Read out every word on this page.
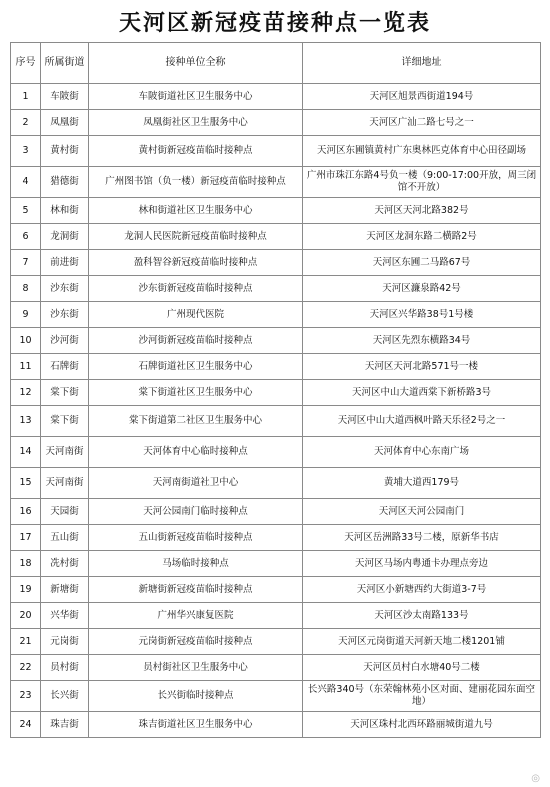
天河区新冠疫苗接种点一览表
序号	所属街道	接种单位全称	详细地址
1	车陂街	车陂街道社区卫生服务中心	天河区旭景西街道194号
2	凤凰街	凤凰街社区卫生服务中心	天河区广汕二路七号之一
3	黄村街	黄村街新冠疫苗临时接种点	天河区东圃镇黄村广东奥林匹克体育中心田径副场
4	猎德街	广州图书馆（负一楼）新冠疫苗临时接种点	广州市珠江东路4号负一楼（9:00-17:00开放，周三闭馆不开放）
5	林和街	林和街道社区卫生服务中心	天河区天河北路382号
6	龙洞街	龙洞人民医院新冠疫苗临时接种点	天河区龙洞东路二横路2号
7	前进街	盈科智谷新冠疫苗临时接种点	天河区东圃二马路67号
8	沙东街	沙东街新冠疫苗临时接种点	天河区濂泉路42号
9	沙东街	广州现代医院	天河区兴华路38号1号楼
10	沙河街	沙河街新冠疫苗临时接种点	天河区先烈东横路34号
11	石牌街	石牌街道社区卫生服务中心	天河区天河北路571号一楼
12	棠下街	棠下街道社区卫生服务中心	天河区中山大道西棠下新桥路3号
13	棠下街	棠下街道第二社区卫生服务中心	天河区中山大道西枫叶路天乐径2号之一
14	天河南街	天河体育中心临时接种点	天河体育中心东南广场
15	天河南街	天河南街道社卫中心	黄埔大道西179号
16	天园街	天河公园南门临时接种点	天河区天河公园南门
17	五山街	五山街新冠疫苗临时接种点	天河区岳洲路33号二楼，原新华书店
18	冼村街	马场临时接种点	天河区马场内粤通卡办理点旁边
19	新塘街	新塘街新冠疫苗临时接种点	天河区小新塘西约大街道3-7号
20	兴华街	广州华兴康复医院	天河区沙太南路133号
21	元岗街	元岗街新冠疫苗临时接种点	天河区元岗街道天河新天地二楼1201铺
22	员村街	员村街社区卫生服务中心	天河区员村白水塘40号二楼
23	长兴街	长兴街临时接种点	长兴路340号（东荣翰林苑小区对面、建丽花园东面空地）
24	珠吉街	珠吉街道社区卫生服务中心	天河区珠村北西环路丽城街道九号
◎
